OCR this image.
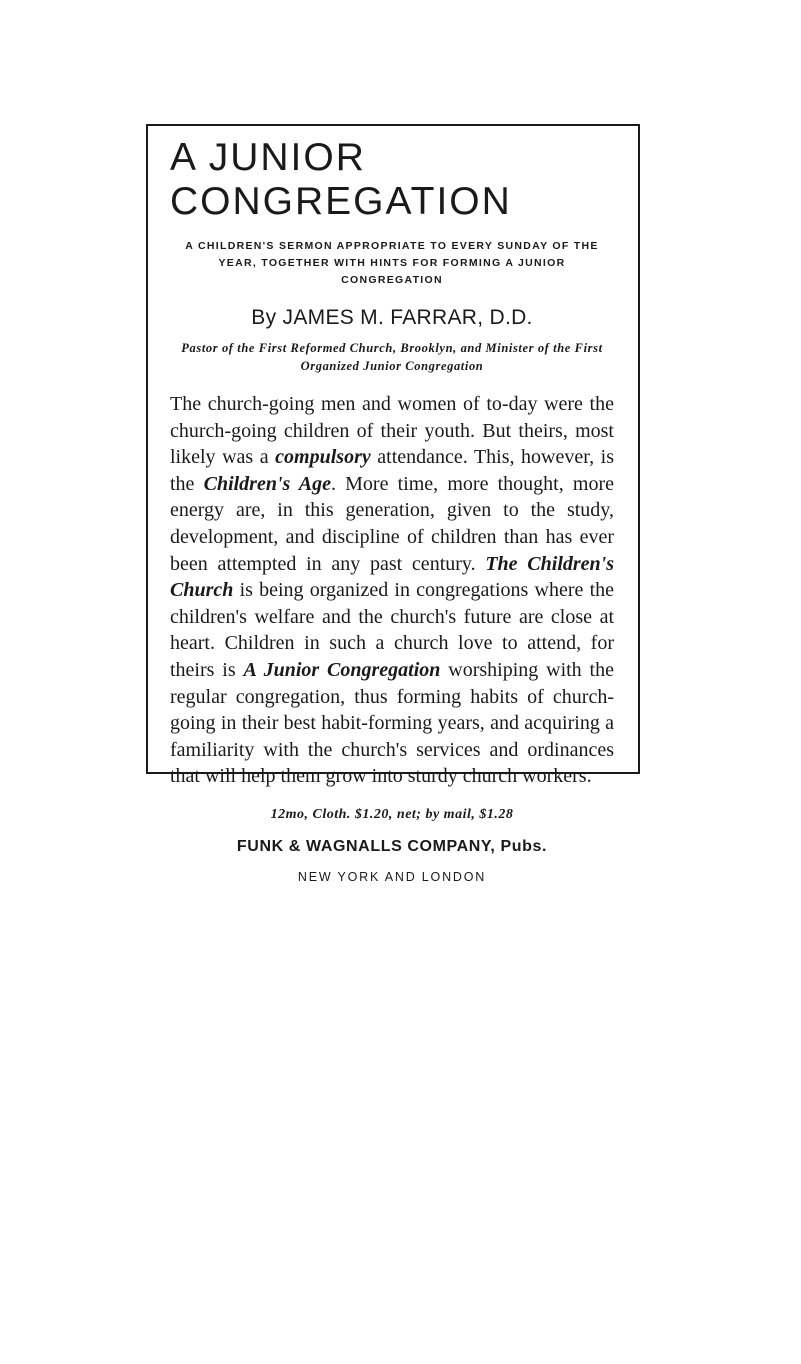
A JUNIOR
CONGREGATION

A CHILDREN'S SERMON APPROPRIATE TO EVERY SUNDAY OF THE YEAR, TOGETHER WITH HINTS FOR FORMING A JUNIOR CONGREGATION

By JAMES M. FARRAR, D.D.

Pastor of the First Reformed Church, Brooklyn, and Minister of the First Organized Junior Congregation

The church-going men and women of to-day were the church-going children of their youth. But theirs, most likely was a compulsory attendance. This, however, is the Children's Age. More time, more thought, more energy are, in this generation, given to the study, development, and discipline of children than has ever been attempted in any past century. The Children's Church is being organized in congregations where the children's welfare and the church's future are close at heart. Children in such a church love to attend, for theirs is A Junior Congregation worshiping with the regular congregation, thus forming habits of church-going in their best habit-forming years, and acquiring a familiarity with the church's services and ordinances that will help them grow into sturdy church workers.

12mo, Cloth. $1.20, net; by mail, $1.28

FUNK & WAGNALLS COMPANY, Pubs.

NEW YORK AND LONDON
